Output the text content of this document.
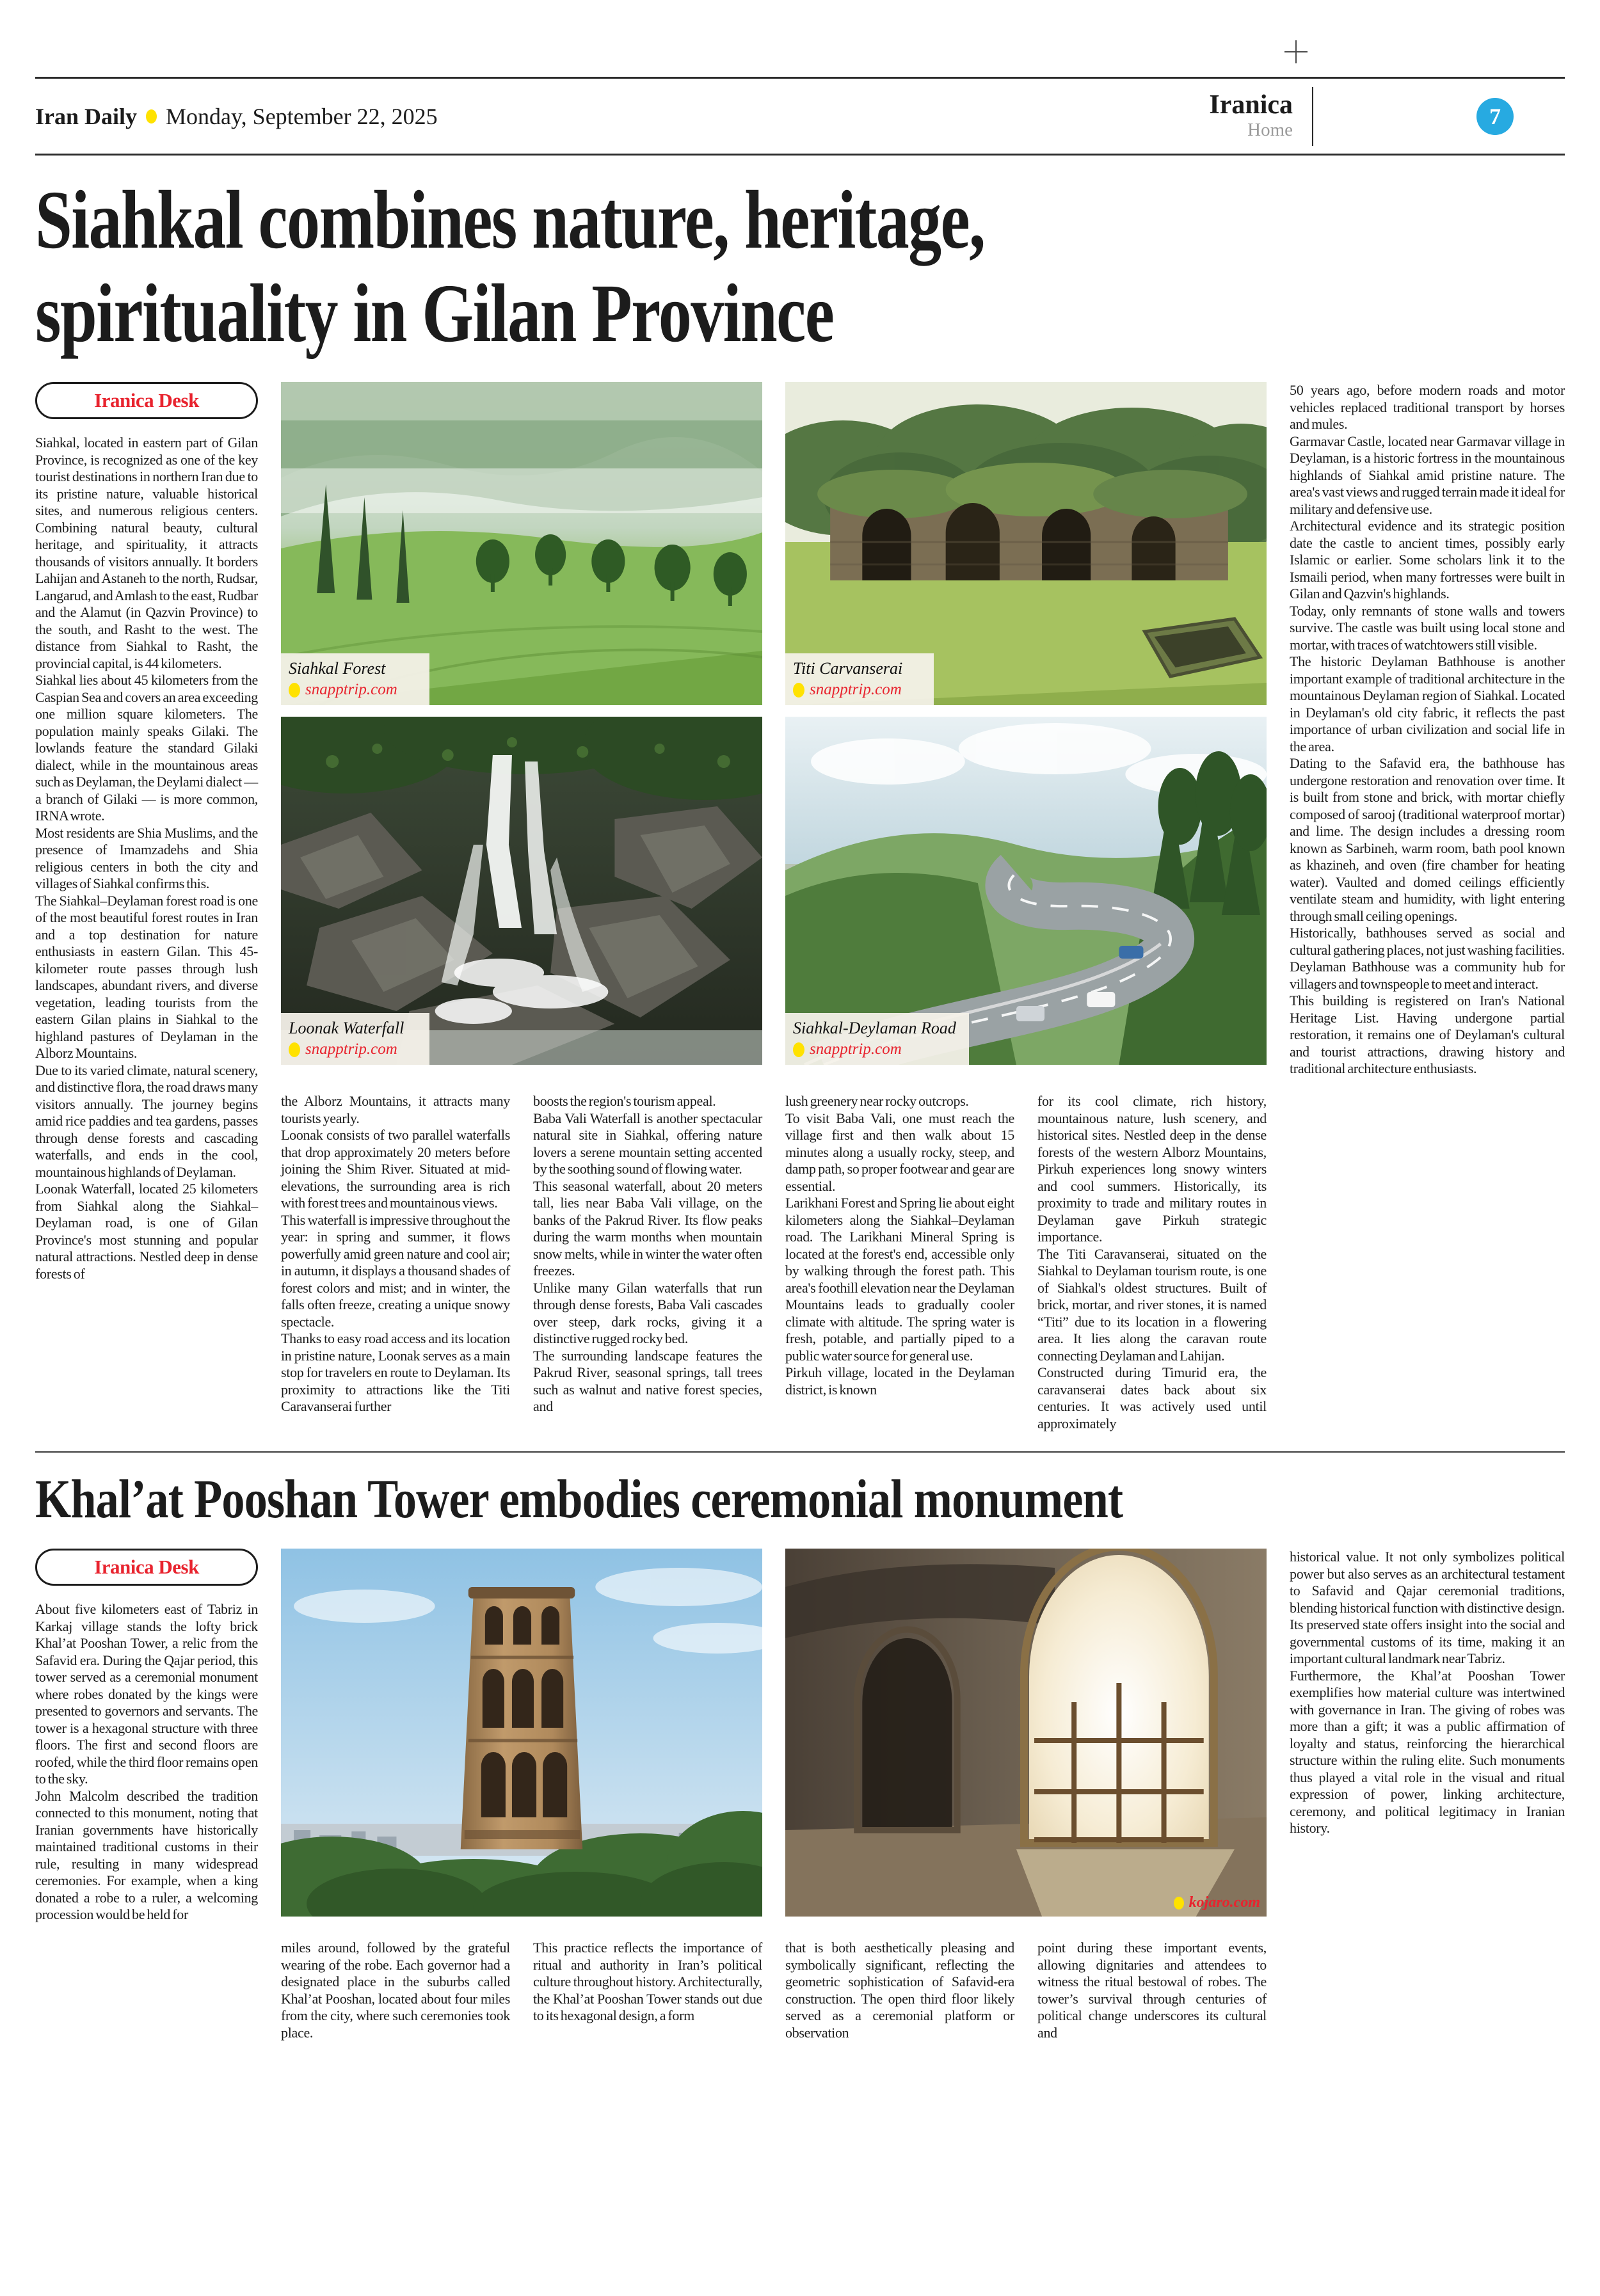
Iran Daily Monday, September 22, 2025	Iranica
Home
7
Siahkal combines nature, heritage,
spirituality in Gilan Province
Iranica Desk

Siahkal, located in eastern part of Gilan Province, is recognized as one of the key tourist destinations in northern Iran due to its pristine nature, valuable historical sites, and numerous religious centers. Combining natural beauty, cultural heritage, and spirituality, it attracts thousands of visitors annually. It borders Lahijan and Astaneh to the north, Rudsar, Langarud, and Amlash to the east, Rudbar and the Alamut (in Qazvin Province) to the south, and Rasht to the west. The distance from Siahkal to Rasht, the provincial capital, is 44 kilometers.

Siahkal lies about 45 kilometers from the Caspian Sea and covers an area exceeding one million square kilometers. The population mainly speaks Gilaki. The lowlands feature the standard Gilaki dialect, while in the mountainous areas such as Deylaman, the Deylami dialect — a branch of Gilaki — is more common, IRNA wrote.

Most residents are Shia Muslims, and the presence of Imamzadehs and Shia religious centers in both the city and villages of Siahkal confirms this.

The Siahkal–Deylaman forest road is one of the most beautiful forest routes in Iran and a top destination for nature enthusiasts in eastern Gilan. This 45-kilometer route passes through lush landscapes, abundant rivers, and diverse vegetation, leading tourists from the eastern Gilan plains in Siahkal to the highland pastures of Deylaman in the Alborz Mountains.

Due to its varied climate, natural scenery, and distinctive flora, the road draws many visitors annually. The journey begins amid rice paddies and tea gardens, passes through dense forests and cascading waterfalls, and ends in the cool, mountainous highlands of Deylaman.

Loonak Waterfall, located 25 kilometers from Siahkal along the Siahkal–Deylaman road, is one of Gilan Province's most stunning and popular natural attractions. Nestled deep in dense forests of

Siahkal Forest
snapptrip.com
Titi Carvanserai
snapptrip.com
Loonak Waterfall
snapptrip.com
Siahkal-Deylaman Road
snapptrip.com

the Alborz Mountains, it attracts many tourists yearly.

Loonak consists of two parallel waterfalls that drop approximately 20 meters before joining the Shim River. Situated at mid-elevations, the surrounding area is rich with forest trees and mountainous views.

This waterfall is impressive throughout the year: in spring and summer, it flows powerfully amid green nature and cool air; in autumn, it displays a thousand shades of forest colors and mist; and in winter, the falls often freeze, creating a unique snowy spectacle.

Thanks to easy road access and its location in pristine nature, Loonak serves as a main stop for travelers en route to Deylaman. Its proximity to attractions like the Titi Caravanserai further

boosts the region's tourism appeal.

Baba Vali Waterfall is another spectacular natural site in Siahkal, offering nature lovers a serene mountain setting accented by the soothing sound of flowing water.

This seasonal waterfall, about 20 meters tall, lies near Baba Vali village, on the banks of the Pakrud River. Its flow peaks during the warm months when mountain snow melts, while in winter the water often freezes.

Unlike many Gilan waterfalls that run through dense forests, Baba Vali cascades over steep, dark rocks, giving it a distinctive rugged rocky bed.

The surrounding landscape features the Pakrud River, seasonal springs, tall trees such as walnut and native forest species, and

lush greenery near rocky outcrops.

To visit Baba Vali, one must reach the village first and then walk about 15 minutes along a usually rocky, steep, and damp path, so proper footwear and gear are essential.

Larikhani Forest and Spring lie about eight kilometers along the Siahkal–Deylaman road. The Larikhani Mineral Spring is located at the forest's end, accessible only by walking through the forest path. This area's foothill elevation near the Deylaman Mountains leads to gradually cooler climate with altitude. The spring water is fresh, potable, and partially piped to a public water source for general use.

Pirkuh village, located in the Deylaman district, is known

for its cool climate, rich history, mountainous nature, lush scenery, and historical sites. Nestled deep in the dense forests of the western Alborz Mountains, Pirkuh experiences long snowy winters and cool summers. Historically, its proximity to trade and military routes in Deylaman gave Pirkuh strategic importance.

The Titi Caravanserai, situated on the Siahkal to Deylaman tourism route, is one of Siahkal's oldest structures. Built of brick, mortar, and river stones, it is named “Titi” due to its location in a flowering area. It lies along the caravan route connecting Deylaman and Lahijan.

Constructed during Timurid era, the caravanserai dates back about six centuries. It was actively used until approximately

50 years ago, before modern roads and motor vehicles replaced traditional transport by horses and mules.

Garmavar Castle, located near Garmavar village in Deylaman, is a historic fortress in the mountainous highlands of Siahkal amid pristine nature. The area's vast views and rugged terrain made it ideal for military and defensive use.

Architectural evidence and its strategic position date the castle to ancient times, possibly early Islamic or earlier. Some scholars link it to the Ismaili period, when many fortresses were built in Gilan and Qazvin's highlands.

Today, only remnants of stone walls and towers survive. The castle was built using local stone and mortar, with traces of watchtowers still visible.

The historic Deylaman Bathhouse is another important example of traditional architecture in the mountainous Deylaman region of Siahkal. Located in Deylaman's old city fabric, it reflects the past importance of urban civilization and social life in the area.

Dating to the Safavid era, the bathhouse has undergone restoration and renovation over time. It is built from stone and brick, with mortar chiefly composed of sarooj (traditional waterproof mortar) and lime. The design includes a dressing room known as Sarbineh, warm room, bath pool known as khazineh, and oven (fire chamber for heating water). Vaulted and domed ceilings efficiently ventilate steam and humidity, with light entering through small ceiling openings.

Historically, bathhouses served as social and cultural gathering places, not just washing facilities. Deylaman Bathhouse was a community hub for villagers and townspeople to meet and interact.

This building is registered on Iran's National Heritage List. Having undergone partial restoration, it remains one of Deylaman's cultural and tourist attractions, drawing history and traditional architecture enthusiasts.

Khal’at Pooshan Tower embodies ceremonial monument
Iranica Desk

About five kilometers east of Tabriz in Karkaj village stands the lofty brick Khal’at Pooshan Tower, a relic from the Safavid era. During the Qajar period, this tower served as a ceremonial monument where robes donated by the kings were presented to governors and servants. The tower is a hexagonal structure with three floors. The first and second floors are roofed, while the third floor remains open to the sky.

John Malcolm described the tradition connected to this monument, noting that Iranian governments have historically maintained traditional customs in their rule, resulting in many widespread ceremonies. For example, when a king donated a robe to a ruler, a welcoming procession would be held for

kojaro.com

miles around, followed by the grateful wearing of the robe. Each governor had a designated place in the suburbs called Khal’at Pooshan, located about four miles from the city, where such ceremonies took place.

This practice reflects the importance of ritual and authority in Iran’s political culture throughout history. Architecturally, the Khal’at Pooshan Tower stands out due to its hexagonal design, a form

that is both aesthetically pleasing and symbolically significant, reflecting the geometric sophistication of Safavid-era construction. The open third floor likely served as a ceremonial platform or observation

point during these important events, allowing dignitaries and attendees to witness the ritual bestowal of robes. The tower’s survival through centuries of political change underscores its cultural and

historical value. It not only symbolizes political power but also serves as an architectural testament to Safavid and Qajar ceremonial traditions, blending historical function with distinctive design. Its preserved state offers insight into the social and governmental customs of its time, making it an important cultural landmark near Tabriz.

Furthermore, the Khal’at Pooshan Tower exemplifies how material culture was intertwined with governance in Iran. The giving of robes was more than a gift; it was a public affirmation of loyalty and status, reinforcing the hierarchical structure within the ruling elite. Such monuments thus played a vital role in the visual and ritual expression of power, linking architecture, ceremony, and political legitimacy in Iranian history.
